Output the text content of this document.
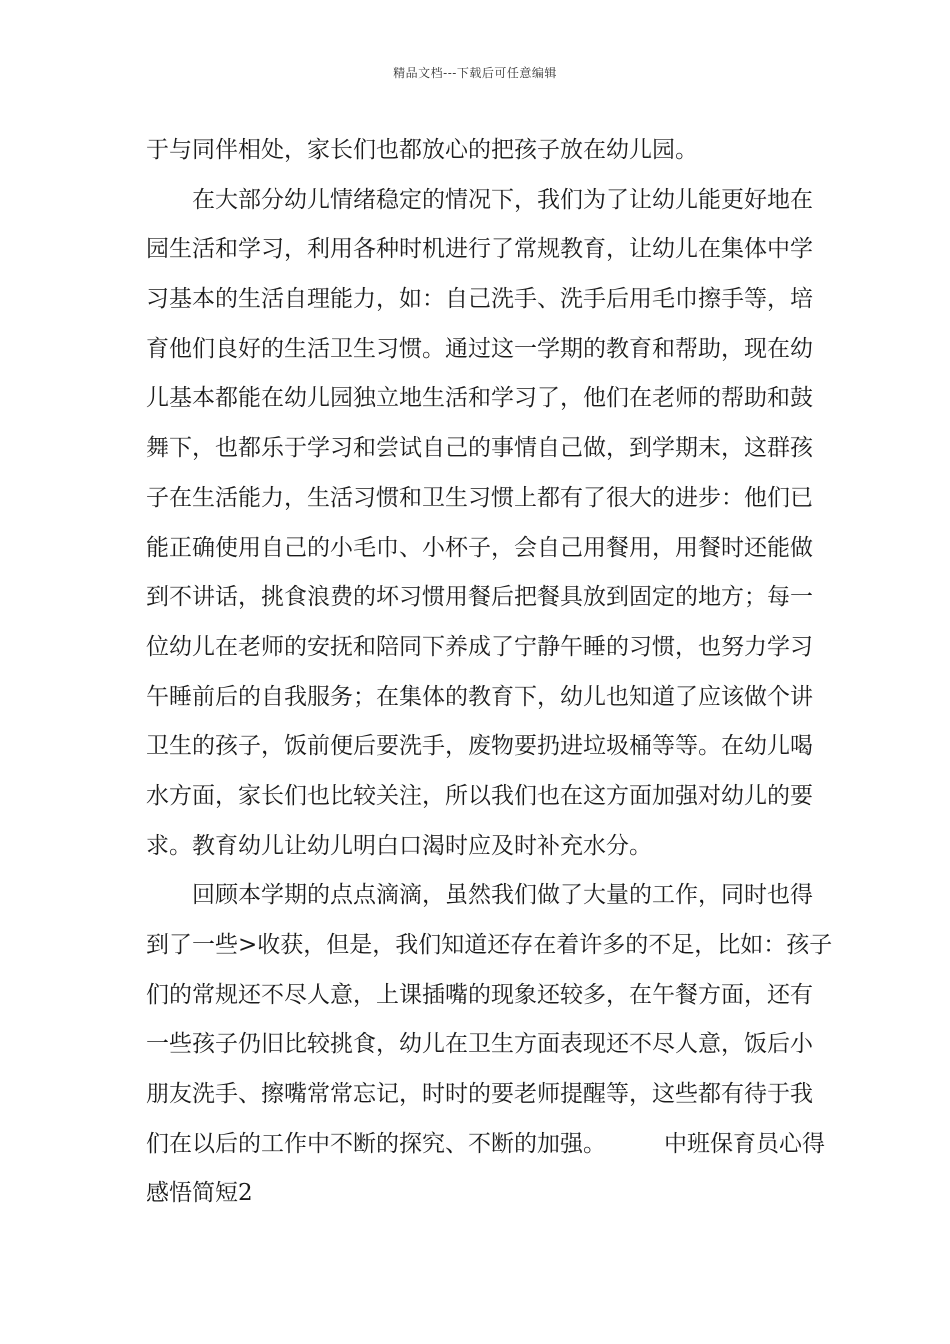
精品文档---下载后可任意编辑
于与同伴相处，家长们也都放心的把孩子放在幼儿园。
在大部分幼儿情绪稳定的情况下，我们为了让幼儿能更好地在
园生活和学习，利用各种时机进行了常规教育，让幼儿在集体中学
习基本的生活自理能力，如：自己洗手、洗手后用毛巾擦手等，培
育他们良好的生活卫生习惯。通过这一学期的教育和帮助，现在幼
儿基本都能在幼儿园独立地生活和学习了，他们在老师的帮助和鼓
舞下，也都乐于学习和尝试自己的事情自己做，到学期末，这群孩
子在生活能力，生活习惯和卫生习惯上都有了很大的进步：他们已
能正确使用自己的小毛巾、小杯子，会自己用餐用，用餐时还能做
到不讲话，挑食浪费的坏习惯用餐后把餐具放到固定的地方；每一
位幼儿在老师的安抚和陪同下养成了宁静午睡的习惯，也努力学习
午睡前后的自我服务；在集体的教育下，幼儿也知道了应该做个讲
卫生的孩子，饭前便后要洗手，废物要扔进垃圾桶等等。在幼儿喝
水方面，家长们也比较关注，所以我们也在这方面加强对幼儿的要
求。教育幼儿让幼儿明白口渴时应及时补充水分。
回顾本学期的点点滴滴，虽然我们做了大量的工作，同时也得
到了一些>收获，但是，我们知道还存在着许多的不足，比如：孩子
们的常规还不尽人意，上课插嘴的现象还较多，在午餐方面，还有
一些孩子仍旧比较挑食，幼儿在卫生方面表现还不尽人意，饭后小
朋友洗手、擦嘴常常忘记，时时的要老师提醒等，这些都有待于我
们在以后的工作中不断的探究、不断的加强。	中班保育员心得
感悟简短2
